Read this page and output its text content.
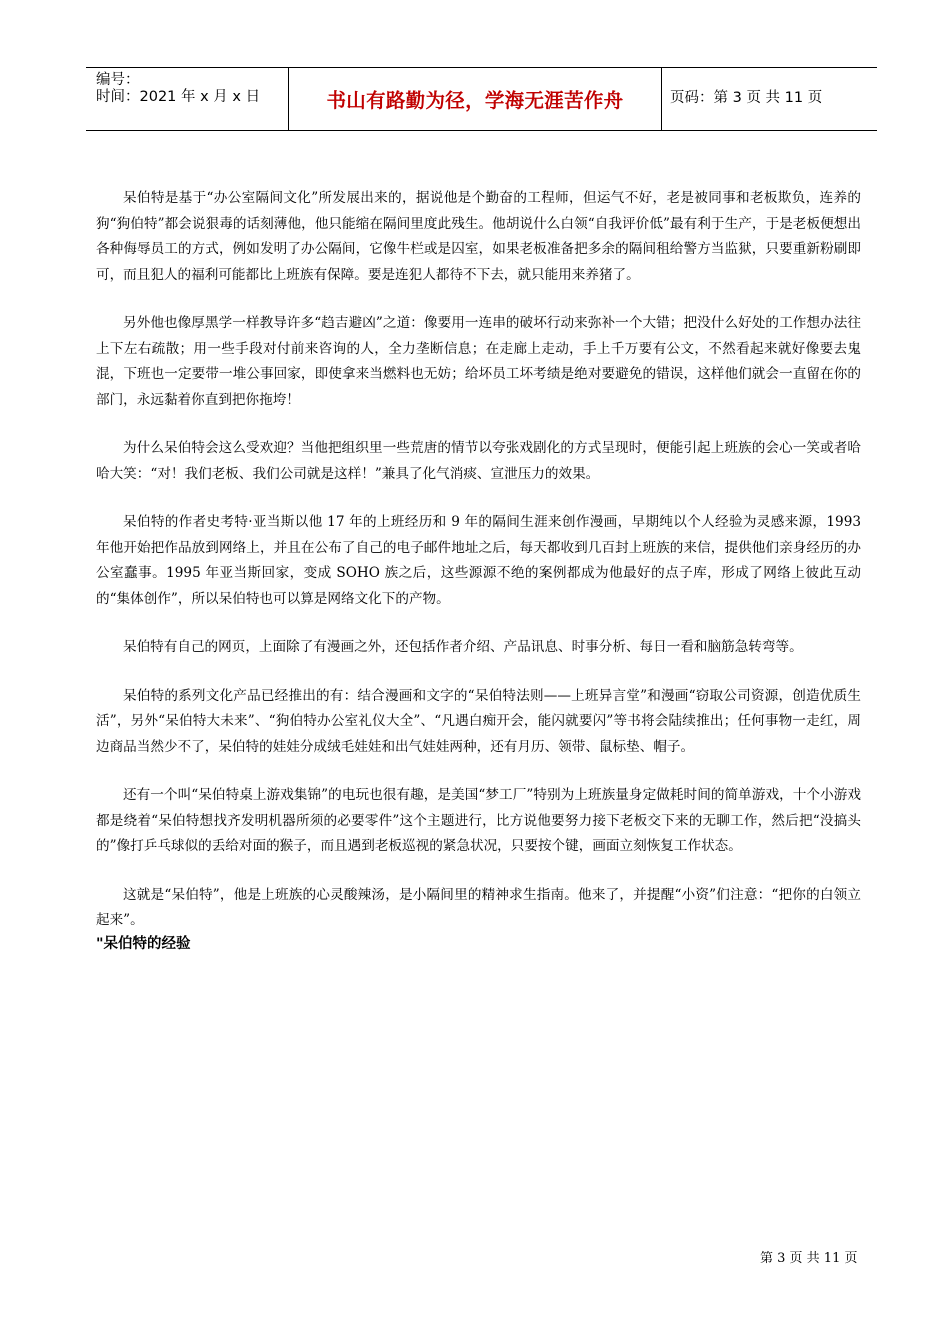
编号：
时间：2021 年 x 月 x 日	书山有路勤为径，学海无涯苦作舟	页码：第 3 页 共 11 页

呆伯特是基于“办公室隔间文化”所发展出来的，据说他是个勤奋的工程师，但运气不好，老是被同事和老板欺负，连养的狗“狗伯特”都会说狠毒的话刻薄他，他只能缩在隔间里度此残生。他胡说什么白领“自我评价低”最有利于生产，于是老板便想出各种侮辱员工的方式，例如发明了办公隔间，它像牛栏或是囚室，如果老板准备把多余的隔间租给警方当监狱，只要重新粉刷即可，而且犯人的福利可能都比上班族有保障。要是连犯人都待不下去，就只能用来养猪了。

另外他也像厚黑学一样教导许多“趋吉避凶”之道：像要用一连串的破坏行动来弥补一个大错；把没什么好处的工作想办法往上下左右疏散；用一些手段对付前来咨询的人，全力垄断信息；在走廊上走动，手上千万要有公文，不然看起来就好像要去鬼混，下班也一定要带一堆公事回家，即使拿来当燃料也无妨；给坏员工坏考绩是绝对要避免的错误，这样他们就会一直留在你的部门，永远黏着你直到把你拖垮！

为什么呆伯特会这么受欢迎？当他把组织里一些荒唐的情节以夸张戏剧化的方式呈现时，便能引起上班族的会心一笑或者哈哈大笑：“对！我们老板、我们公司就是这样！”兼具了化气消痰、宣泄压力的效果。

呆伯特的作者史考特·亚当斯以他 17 年的上班经历和 9 年的隔间生涯来创作漫画，早期纯以个人经验为灵感来源，1993 年他开始把作品放到网络上，并且在公布了自己的电子邮件地址之后，每天都收到几百封上班族的来信，提供他们亲身经历的办公室蠢事。1995 年亚当斯回家，变成 SOHO 族之后，这些源源不绝的案例都成为他最好的点子库，形成了网络上彼此互动的“集体创作”，所以呆伯特也可以算是网络文化下的产物。

呆伯特有自己的网页，上面除了有漫画之外，还包括作者介绍、产品讯息、时事分析、每日一看和脑筋急转弯等。

呆伯特的系列文化产品已经推出的有：结合漫画和文字的“呆伯特法则——上班异言堂”和漫画“窃取公司资源，创造优质生活”，另外“呆伯特大未来”、“狗伯特办公室礼仪大全”、“凡遇白痴开会，能闪就要闪”等书将会陆续推出；任何事物一走红，周边商品当然少不了，呆伯特的娃娃分成绒毛娃娃和出气娃娃两种，还有月历、领带、鼠标垫、帽子。

还有一个叫“呆伯特桌上游戏集锦”的电玩也很有趣，是美国“梦工厂”特别为上班族量身定做耗时间的简单游戏，十个小游戏都是绕着“呆伯特想找齐发明机器所须的必要零件”这个主题进行，比方说他要努力接下老板交下来的无聊工作，然后把“没搞头的”像打乒乓球似的丢给对面的猴子，而且遇到老板巡视的紧急状况，只要按个键，画面立刻恢复工作状态。

这就是“呆伯特”，他是上班族的心灵酸辣汤，是小隔间里的精神求生指南。他来了，并提醒“小资”们注意：“把你的白领立起来”。

"呆伯特的经验
第 3 页 共 11 页
